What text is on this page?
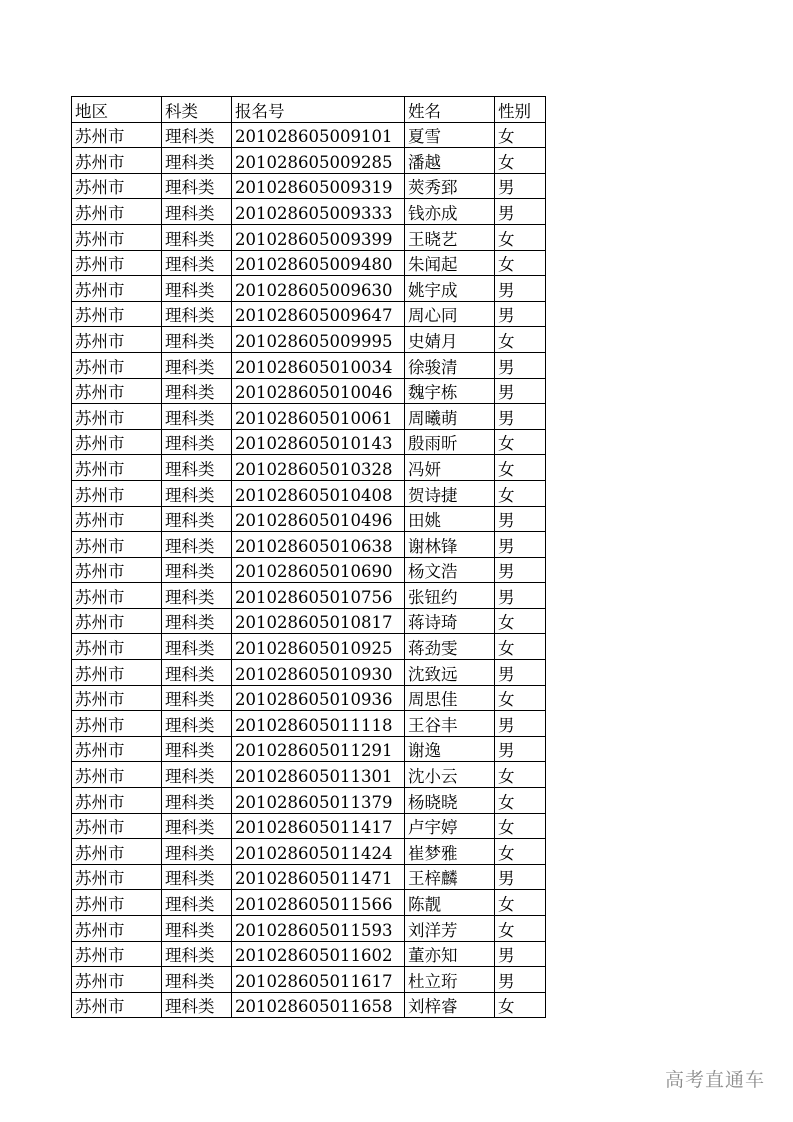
地区	科类	报名号	姓名	性别
苏州市	理科类	201028605009101	夏雪	女
苏州市	理科类	201028605009285	潘越	女
苏州市	理科类	201028605009319	莢秀郅	男
苏州市	理科类	201028605009333	钱亦成	男
苏州市	理科类	201028605009399	王晓艺	女
苏州市	理科类	201028605009480	朱闻起	女
苏州市	理科类	201028605009630	姚宇成	男
苏州市	理科类	201028605009647	周心同	男
苏州市	理科类	201028605009995	史婧月	女
苏州市	理科类	201028605010034	徐骏清	男
苏州市	理科类	201028605010046	魏宇栋	男
苏州市	理科类	201028605010061	周曦萌	男
苏州市	理科类	201028605010143	殷雨昕	女
苏州市	理科类	201028605010328	冯妍	女
苏州市	理科类	201028605010408	贺诗捷	女
苏州市	理科类	201028605010496	田姚	男
苏州市	理科类	201028605010638	谢林锋	男
苏州市	理科类	201028605010690	杨文浩	男
苏州市	理科类	201028605010756	张钮约	男
苏州市	理科类	201028605010817	蒋诗琦	女
苏州市	理科类	201028605010925	蒋劲雯	女
苏州市	理科类	201028605010930	沈致远	男
苏州市	理科类	201028605010936	周思佳	女
苏州市	理科类	201028605011118	王谷丰	男
苏州市	理科类	201028605011291	谢逸	男
苏州市	理科类	201028605011301	沈小云	女
苏州市	理科类	201028605011379	杨晓晓	女
苏州市	理科类	201028605011417	卢宇婷	女
苏州市	理科类	201028605011424	崔梦雅	女
苏州市	理科类	201028605011471	王梓麟	男
苏州市	理科类	201028605011566	陈靓	女
苏州市	理科类	201028605011593	刘洋芳	女
苏州市	理科类	201028605011602	董亦知	男
苏州市	理科类	201028605011617	杜立珩	男
苏州市	理科类	201028605011658	刘梓睿	女
高考直通车
